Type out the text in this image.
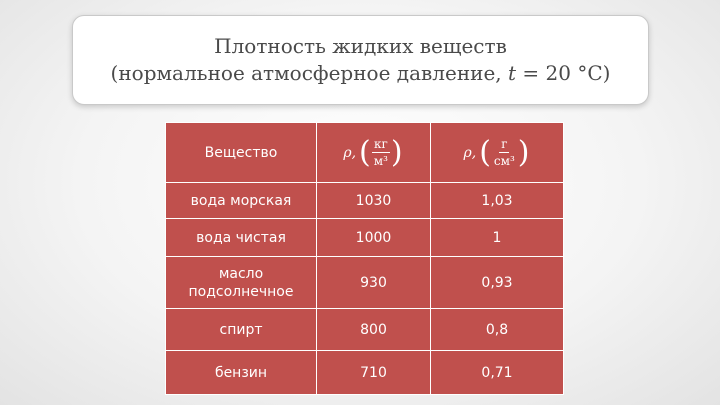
Плотность жидких веществ
(нормальное атмосферное давление, t = 20 °C)
Вещество	ρ, ( $\frac{кг}{\text{м³}}$ )	ρ, ( $\frac{г}{\text{см³}}$ )

вода морская	1030	1,03
вода чистая	1000	1
масло
подсолнечное	930	0,93
спирт	800	0,8
бензин	710	0,71
